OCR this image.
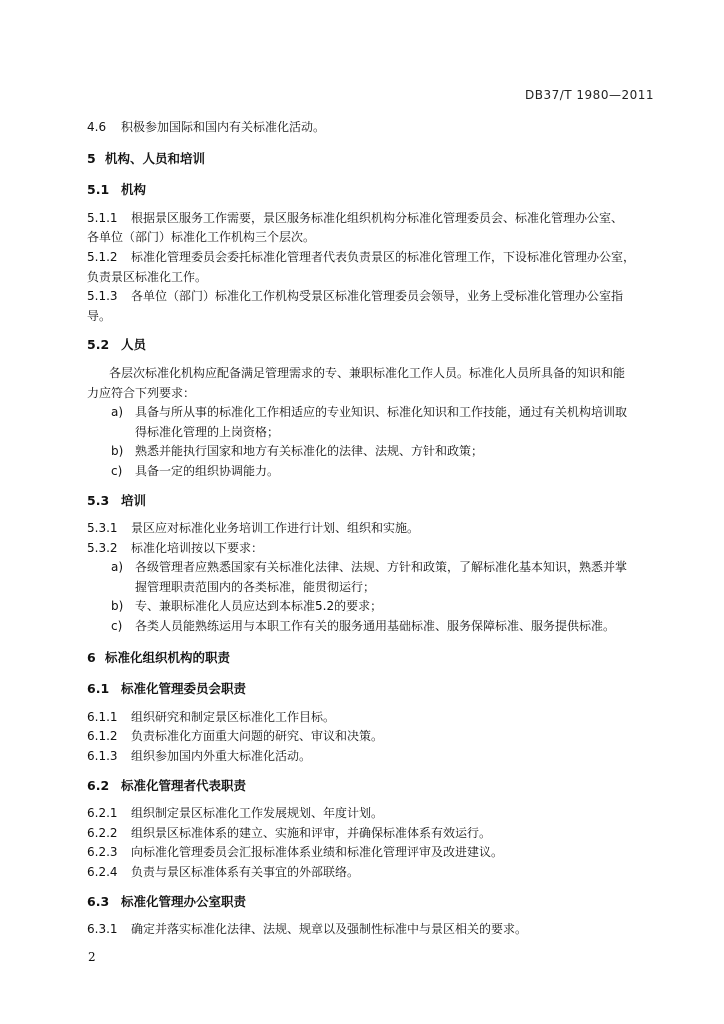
DB37/T 1980—2011
4.6 积极参加国际和国内有关标准化活动。
5 机构、人员和培训
5.1 机构
5.1.1 根据景区服务工作需要，景区服务标准化组织机构分标准化管理委员会、标准化管理办公室、
各单位（部门）标准化工作机构三个层次。
5.1.2 标准化管理委员会委托标准化管理者代表负责景区的标准化管理工作，下设标准化管理办公室，
负责景区标准化工作。
5.1.3 各单位（部门）标准化工作机构受景区标准化管理委员会领导，业务上受标准化管理办公室指
导。
5.2 人员
各层次标准化机构应配备满足管理需求的专、兼职标准化工作人员。标准化人员所具备的知识和能
力应符合下列要求：
a) 具备与所从事的标准化工作相适应的专业知识、标准化知识和工作技能，通过有关机构培训取
得标准化管理的上岗资格；
b) 熟悉并能执行国家和地方有关标准化的法律、法规、方针和政策；
c) 具备一定的组织协调能力。
5.3 培训
5.3.1 景区应对标准化业务培训工作进行计划、组织和实施。
5.3.2 标准化培训按以下要求：
a) 各级管理者应熟悉国家有关标准化法律、法规、方针和政策，了解标准化基本知识，熟悉并掌
握管理职责范围内的各类标准，能贯彻运行；
b) 专、兼职标准化人员应达到本标准5.2的要求；
c) 各类人员能熟练运用与本职工作有关的服务通用基础标准、服务保障标准、服务提供标准。
6 标准化组织机构的职责
6.1 标准化管理委员会职责
6.1.1 组织研究和制定景区标准化工作目标。
6.1.2 负责标准化方面重大问题的研究、审议和决策。
6.1.3 组织参加国内外重大标准化活动。
6.2 标准化管理者代表职责
6.2.1 组织制定景区标准化工作发展规划、年度计划。
6.2.2 组织景区标准体系的建立、实施和评审，并确保标准体系有效运行。
6.2.3 向标准化管理委员会汇报标准体系业绩和标准化管理评审及改进建议。
6.2.4 负责与景区标准体系有关事宜的外部联络。
6.3 标准化管理办公室职责
6.3.1 确定并落实标准化法律、法规、规章以及强制性标准中与景区相关的要求。
2
